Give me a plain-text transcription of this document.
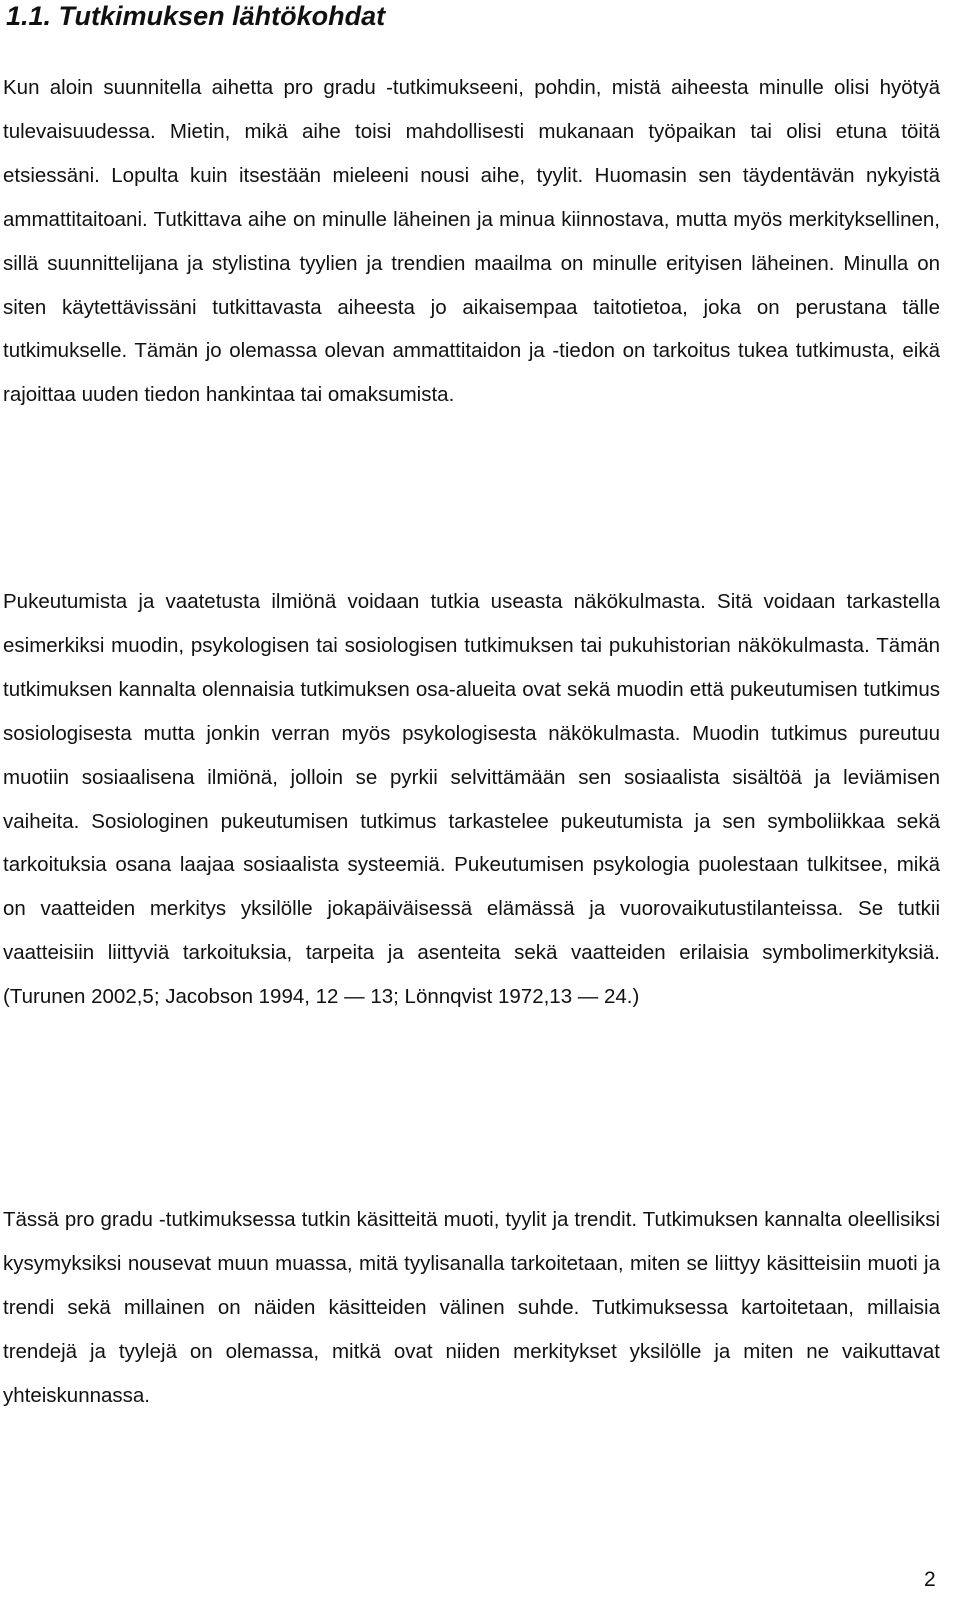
1.1. Tutkimuksen lähtökohdat

Kun aloin suunnitella aihetta pro gradu -tutkimukseeni, pohdin, mistä aiheesta minulle olisi hyötyä tulevaisuudessa. Mietin, mikä aihe toisi mahdollisesti mukanaan työpaikan tai olisi etuna töitä etsiessäni. Lopulta kuin itsestään mieleeni nousi aihe, tyylit. Huomasin sen täydentävän nykyistä ammattitaitoani. Tutkittava aihe on minulle läheinen ja minua kiinnostava, mutta myös merkityksellinen, sillä suunnittelijana ja stylistina tyylien ja trendien maailma on minulle erityisen läheinen. Minulla on siten käytettävissäni tutkittavasta aiheesta jo aikaisempaa taitotietoa, joka on perustana tälle tutkimukselle. Tämän jo olemassa olevan ammattitaidon ja -tiedon on tarkoitus tukea tutkimusta, eikä rajoittaa uuden tiedon hankintaa tai omaksumista.

Pukeutumista ja vaatetusta ilmiönä voidaan tutkia useasta näkökulmasta. Sitä voidaan tarkastella esimerkiksi muodin, psykologisen tai sosiologisen tutkimuksen tai pukuhistorian näkökulmasta. Tämän tutkimuksen kannalta olennaisia tutkimuksen osa-alueita ovat sekä muodin että pukeutumisen tutkimus sosiologisesta mutta jonkin verran myös psykologisesta näkökulmasta. Muodin tutkimus pureutuu muotiin sosiaalisena ilmiönä, jolloin se pyrkii selvittämään sen sosiaalista sisältöä ja leviämisen vaiheita. Sosiologinen pukeutumisen tutkimus tarkastelee pukeutumista ja sen symboliikkaa sekä tarkoituksia osana laajaa sosiaalista systeemiä. Pukeutumisen psykologia puolestaan tulkitsee, mikä on vaatteiden merkitys yksilölle jokapäiväisessä elämässä ja vuorovaikutustilanteissa. Se tutkii vaatteisiin liittyviä tarkoituksia, tarpeita ja asenteita sekä vaatteiden erilaisia symbolimerkityksiä. (Turunen 2002,5; Jacobson 1994, 12 — 13; Lönnqvist 1972,13 — 24.)

Tässä pro gradu -tutkimuksessa tutkin käsitteitä muoti, tyylit ja trendit. Tutkimuksen kannalta oleellisiksi kysymyksiksi nousevat muun muassa, mitä tyylisanalla tarkoitetaan, miten se liittyy käsitteisiin muoti ja trendi sekä millainen on näiden käsitteiden välinen suhde. Tutkimuksessa kartoitetaan, millaisia trendejä ja tyylejä on olemassa, mitkä ovat niiden merkitykset yksilölle ja miten ne vaikuttavat yhteiskunnassa.

2
